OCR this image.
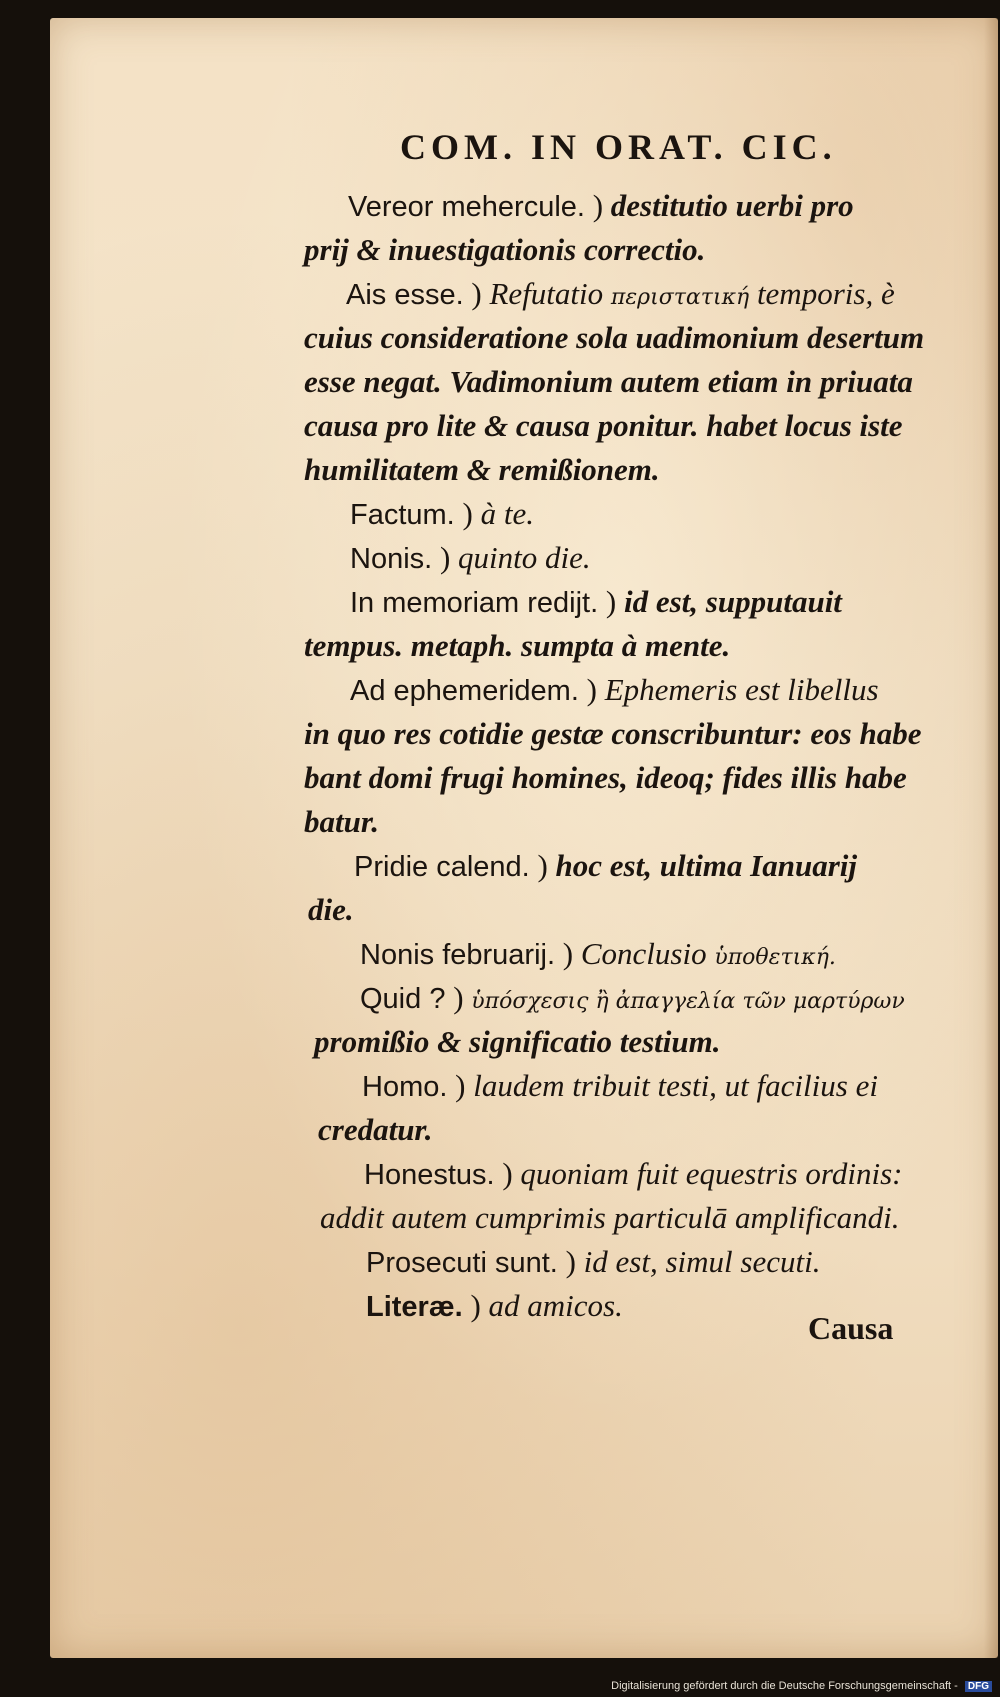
COM. IN ORAT. CIC.
Vereor mehercule. ) destitutio uerbi pro
prij & inuestigationis correctio.
Ais esse. ) Refutatio περιστατική temporis, è
cuius consideratione sola uadimonium desertum
esse negat. Vadimonium autem etiam in priuata
causa pro lite & causa ponitur. habet locus iste
humilitatem & remißionem.
Factum. ) à te.
Nonis. ) quinto die.
In memoriam rediјt. ) id est, supputauit
tempus. metaph. sumpta à mente.
Ad ephemeridem. ) Ephemeris est libellus
in quo res cotidie gestæ conscribuntur: eos habe
bant domi frugi homines, ideoq; fides illis habe
batur.
Pridie calend. ) hoc est, ultima Ianuarij
die.
Nonis februarij. ) Conclusio ὑποθετική.
Quid ? ) ὑπόσχεσις ἢ ἀπαγγελία τῶν μαρτύρων
promißio & significatio testium.
Homo. ) laudem tribuit testi, ut facilius ei
credatur.
Honestus. ) quoniam fuit equestris ordinis:
addit autem cumprimis particulā amplificandi.
Prosecuti sunt. ) id est, simul secuti.
Literæ. ) ad amicos.
Causa
Digitalisierung gefördert durch die Deutsche Forschungsgemeinschaft - DFG
